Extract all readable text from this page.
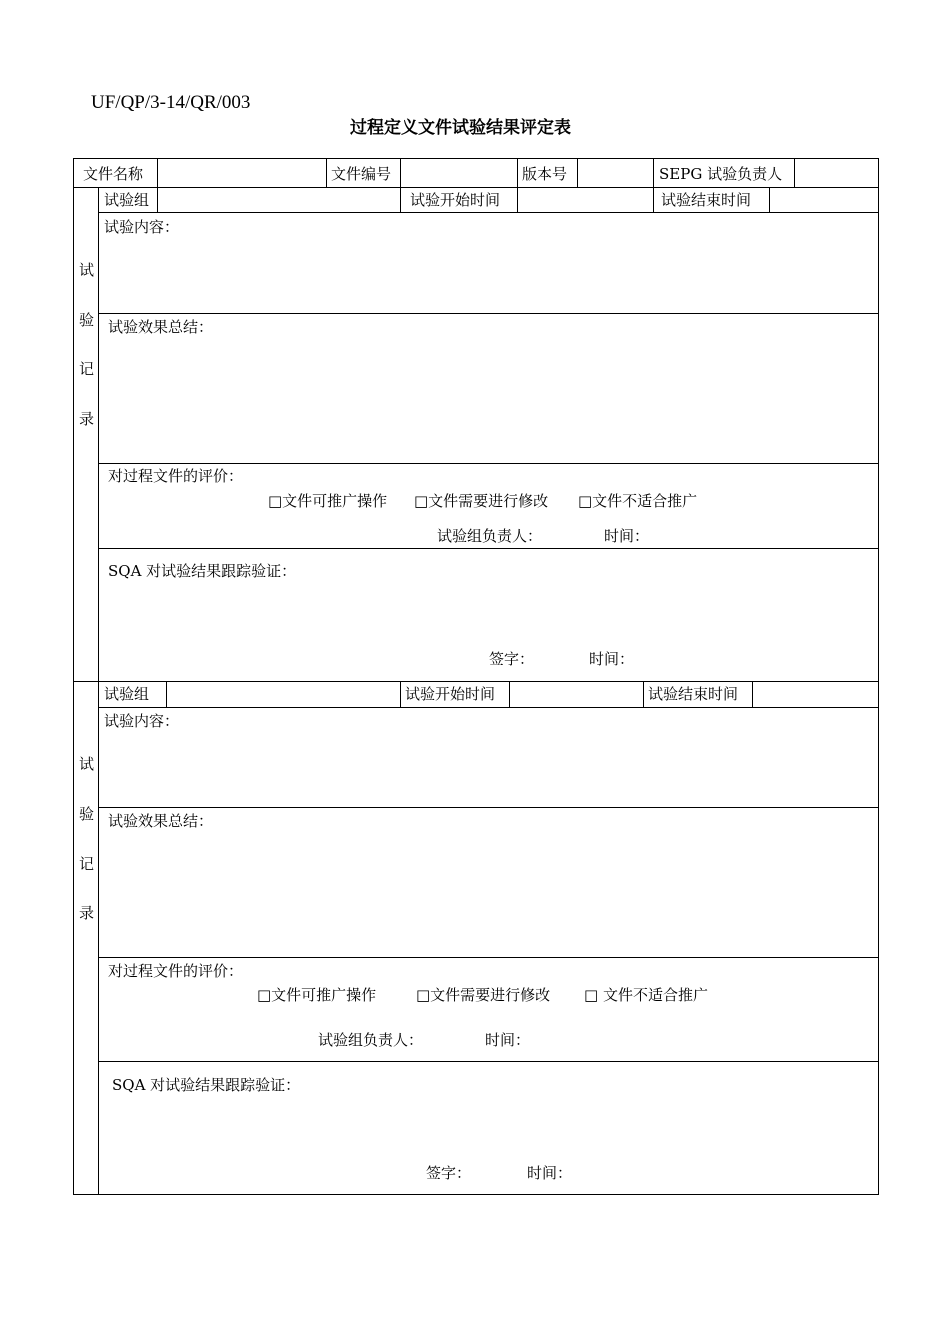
UF/QP/3-14/QR/003
过程定义文件试验结果评定表
文件名称	文件编号	版本号	SEPG 试验负责人
试
验
记
录
试验组	试验开始时间	试验结束时间
试验内容：
试验效果总结：
对过程文件的评价：
□文件可推广操作 □文件需要进行修改 □文件不适合推广
试验组负责人：	时间：
SQA 对试验结果跟踪验证：
签字：	时间：
试
验
记
录
试验组	试验开始时间	试验结束时间
试验内容：
试验效果总结：
对过程文件的评价：
□文件可推广操作	□文件需要进行修改 □ 文件不适合推广
试验组负责人：	时间：
SQA 对试验结果跟踪验证：
签字：	时间：
